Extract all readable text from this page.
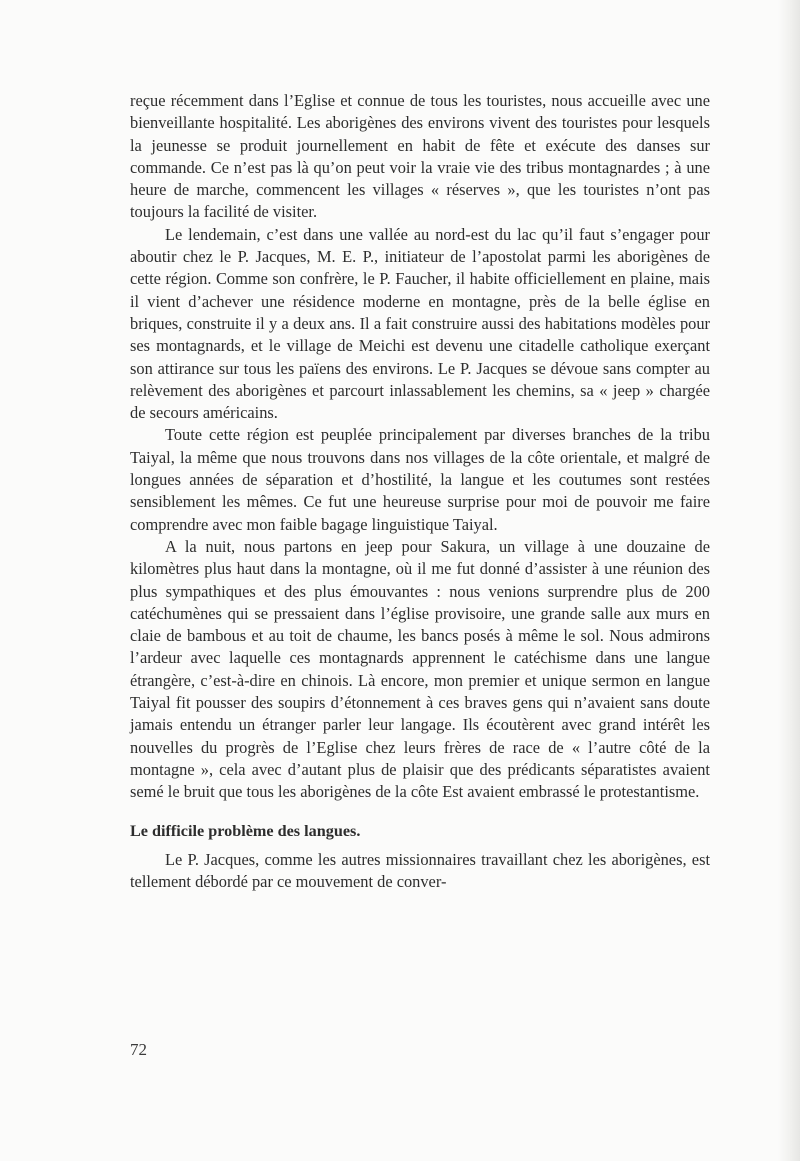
reçue récemment dans l’Eglise et connue de tous les touristes, nous accueille avec une bienveillante hospitalité. Les aborigènes des environs vivent des touristes pour lesquels la jeunesse se produit journellement en habit de fête et exécute des danses sur commande. Ce n’est pas là qu’on peut voir la vraie vie des tribus montagnardes ; à une heure de marche, commencent les villages « réserves », que les touristes n’ont pas toujours la facilité de visiter.

Le lendemain, c’est dans une vallée au nord-est du lac qu’il faut s’engager pour aboutir chez le P. Jacques, M. E. P., initiateur de l’apostolat parmi les aborigènes de cette région. Comme son confrère, le P. Faucher, il habite officiellement en plaine, mais il vient d’achever une résidence moderne en montagne, près de la belle église en briques, construite il y a deux ans. Il a fait construire aussi des habitations modèles pour ses montagnards, et le village de Meichi est devenu une citadelle catholique exerçant son attirance sur tous les païens des environs. Le P. Jacques se dévoue sans compter au relèvement des aborigènes et parcourt inlassablement les chemins, sa « jeep » chargée de secours américains.

Toute cette région est peuplée principalement par diverses branches de la tribu Taiyal, la même que nous trouvons dans nos villages de la côte orientale, et malgré de longues années de séparation et d’hostilité, la langue et les coutumes sont restées sensiblement les mêmes. Ce fut une heureuse surprise pour moi de pouvoir me faire comprendre avec mon faible bagage linguistique Taiyal.

A la nuit, nous partons en jeep pour Sakura, un village à une douzaine de kilomètres plus haut dans la montagne, où il me fut donné d’assister à une réunion des plus sympathiques et des plus émouvantes : nous venions surprendre plus de 200 catéchumènes qui se pressaient dans l’église provisoire, une grande salle aux murs en claie de bambous et au toit de chaume, les bancs posés à même le sol. Nous admirons l’ardeur avec laquelle ces montagnards apprennent le catéchisme dans une langue étrangère, c’est-à-dire en chinois. Là encore, mon premier et unique sermon en langue Taiyal fit pousser des soupirs d’étonnement à ces braves gens qui n’avaient sans doute jamais entendu un étranger parler leur langage. Ils écoutèrent avec grand intérêt les nouvelles du progrès de l’Eglise chez leurs frères de race de « l’autre côté de la montagne », cela avec d’autant plus de plaisir que des prédicants séparatistes avaient semé le bruit que tous les aborigènes de la côte Est avaient embrassé le protestantisme.

Le difficile problème des langues.

Le P. Jacques, comme les autres missionnaires travaillant chez les aborigènes, est tellement débordé par ce mouvement de conver-

72
